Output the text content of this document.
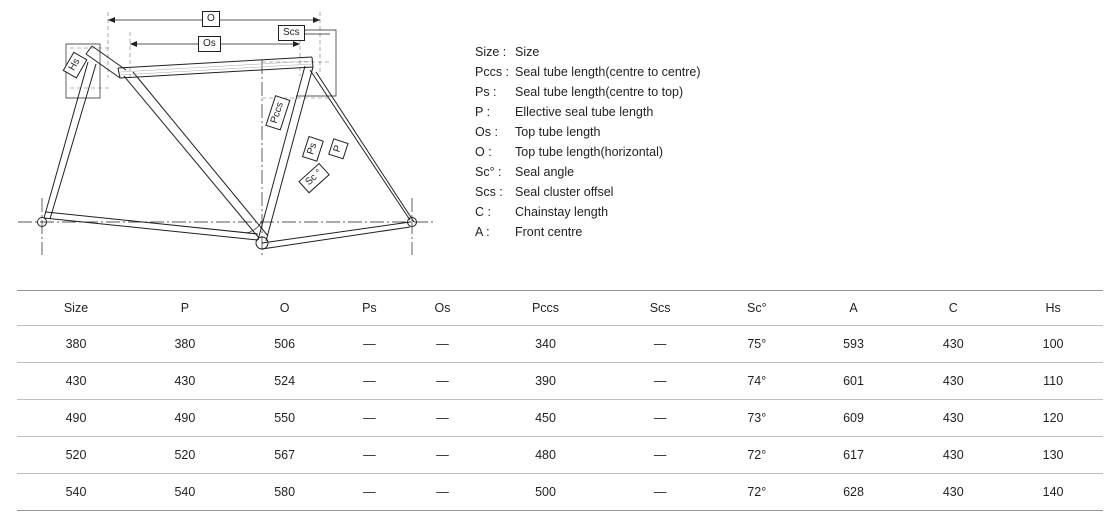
O
Os
Scs
Hs
Pccs
Ps	P
Sc °
Size : Size
Pccs : Seal tube length(centre to centre)
Ps :	Seal tube length(centre to top)
P :	Ellective seal tube length
Os :	Top tube length
O :	Top tube length(horizontal)
Sc° :	Seal angle
Scs : Seal cluster offsel
C :	Chainstay length
A :	Front centre
Size	P	O	Ps	Os	Pccs	Scs	Sc°	A	C	Hs
380	380	506	—	—	340	—	75°	593	430	100
430	430	524	—	—	390	—	74°	601	430	110
490	490	550	—	—	450	—	73°	609	430	120
520	520	567	—	—	480	—	72°	617	430	130
540	540	580	—	—	500	—	72°	628	430	140
